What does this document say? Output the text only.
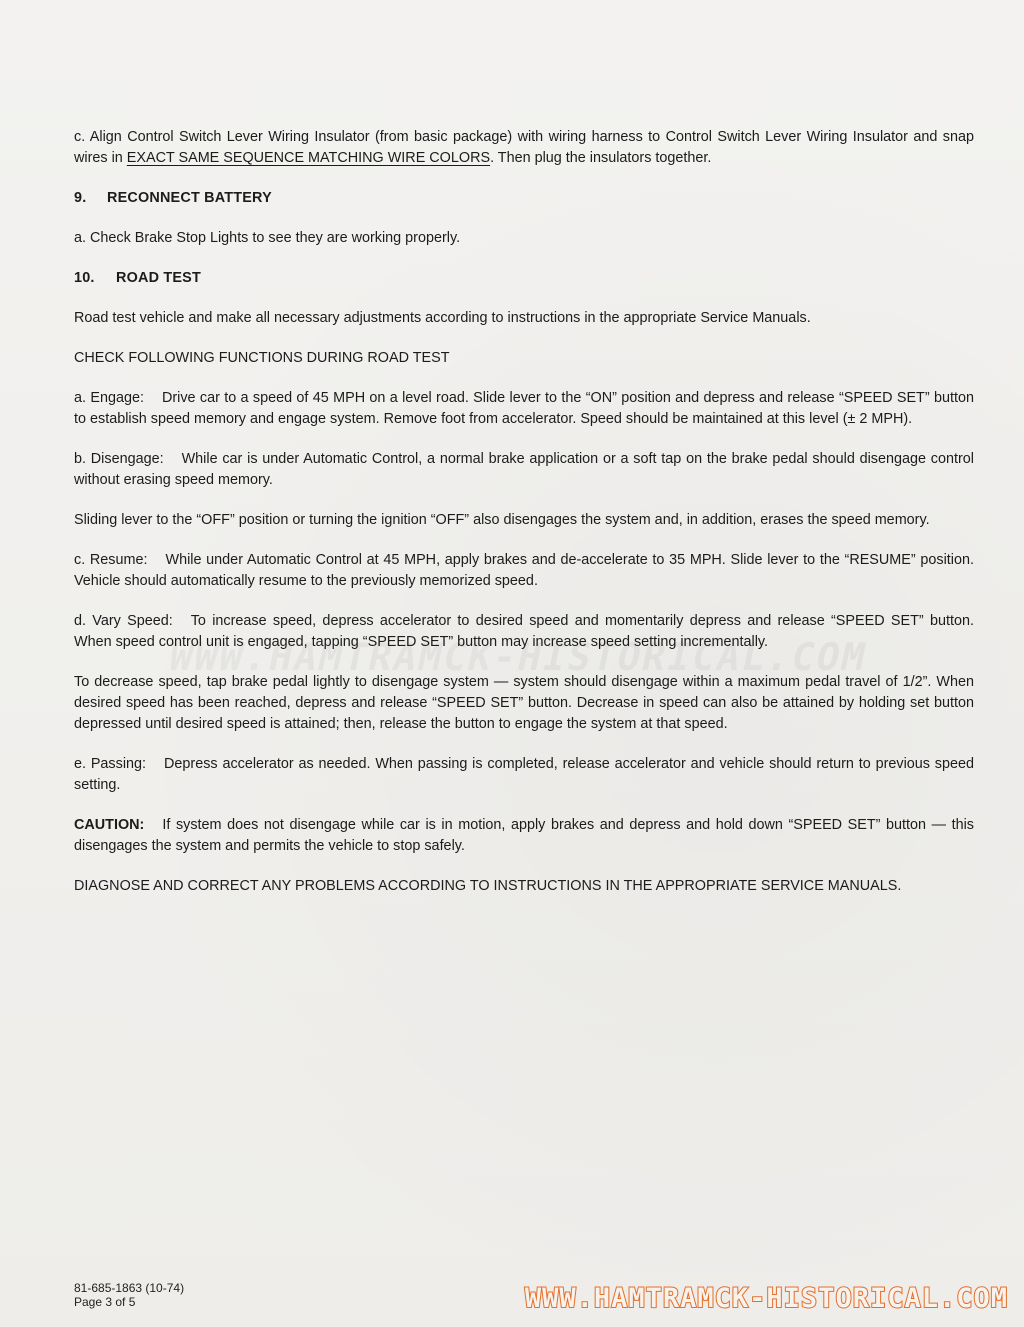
c. Align Control Switch Lever Wiring Insulator (from basic package) with wiring harness to Control Switch Lever Wiring Insulator and snap wires in EXACT SAME SEQUENCE MATCHING WIRE COLORS. Then plug the insulators together.

9. RECONNECT BATTERY

a. Check Brake Stop Lights to see they are working properly.

10. ROAD TEST

Road test vehicle and make all necessary adjustments according to instructions in the appropriate Service Manuals.

CHECK FOLLOWING FUNCTIONS DURING ROAD TEST

a. Engage: Drive car to a speed of 45 MPH on a level road. Slide lever to the “ON” position and depress and release “SPEED SET” button to establish speed memory and engage system. Remove foot from accelerator. Speed should be maintained at this level (± 2 MPH).

b. Disengage: While car is under Automatic Control, a normal brake application or a soft tap on the brake pedal should disengage control without erasing speed memory.

Sliding lever to the “OFF” position or turning the ignition “OFF” also disengages the system and, in addition, erases the speed memory.

c. Resume: While under Automatic Control at 45 MPH, apply brakes and de-accelerate to 35 MPH. Slide lever to the “RESUME” position. Vehicle should automatically resume to the previously memorized speed.

d. Vary Speed: To increase speed, depress accelerator to desired speed and momentarily depress and release “SPEED SET” button. When speed control unit is engaged, tapping “SPEED SET” button may increase speed setting incrementally.

To decrease speed, tap brake pedal lightly to disengage system — system should disengage within a maximum pedal travel of 1/2”. When desired speed has been reached, depress and release “SPEED SET” button. Decrease in speed can also be attained by holding set button depressed until desired speed is attained; then, release the button to engage the system at that speed.

e. Passing: Depress accelerator as needed. When passing is completed, release accelerator and vehicle should return to previous speed setting.

CAUTION: If system does not disengage while car is in motion, apply brakes and depress and hold down “SPEED SET” button — this disengages the system and permits the vehicle to stop safely.

DIAGNOSE AND CORRECT ANY PROBLEMS ACCORDING TO INSTRUCTIONS IN THE APPROPRIATE SERVICE MANUALS.

81-685-1863 (10-74)
Page 3 of 5	WWW.HAMTRAMCK-HISTORICAL.COM
